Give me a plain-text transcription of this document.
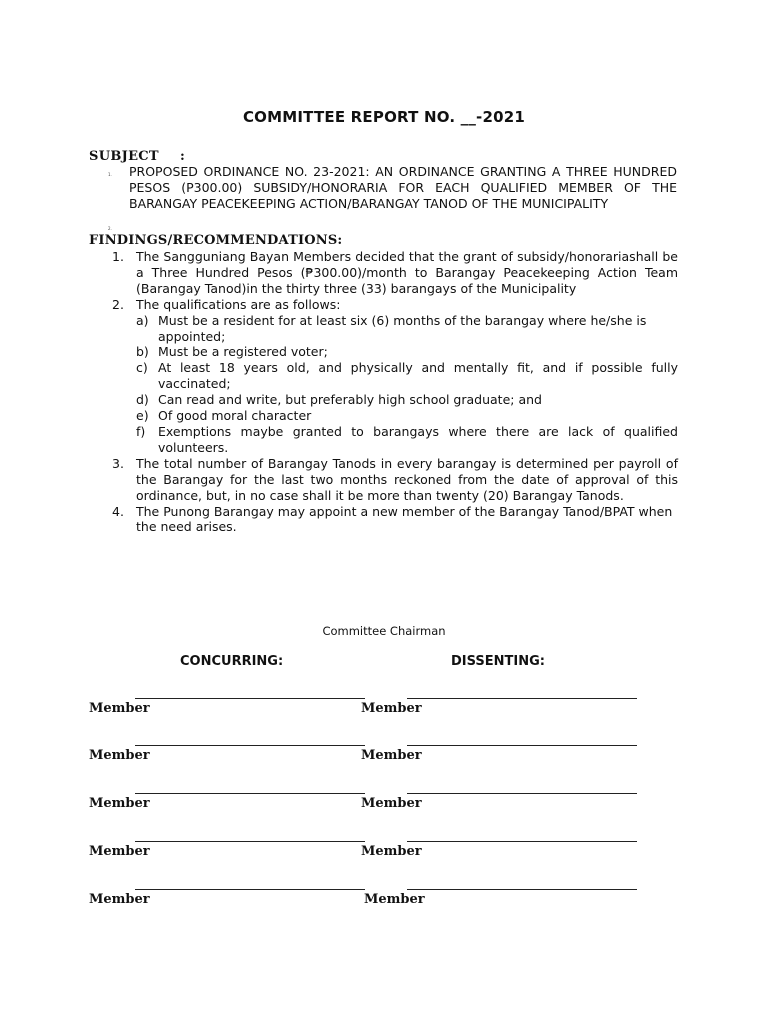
COMMITTEE REPORT NO. __-2021
SUBJECT :
1. PROPOSED ORDINANCE NO. 23-2021: AN ORDINANCE GRANTING A THREE HUNDRED PESOS (P300.00) SUBSIDY/HONORARIA FOR EACH QUALIFIED MEMBER OF THE BARANGAY PEACEKEEPING ACTION/BARANGAY TANOD OF THE MUNICIPALITY
2.
FINDINGS/RECOMMENDATIONS:
1. The Sangguniang Bayan Members decided that the grant of subsidy/honorariashall be a Three Hundred Pesos (₱300.00)/month to Barangay Peacekeeping Action Team (Barangay Tanod)in the thirty three (33) barangays of the Municipality
2. The qualifications are as follows:
a) Must be a resident for at least six (6) months of the barangay where he/she is appointed;
b) Must be a registered voter;
c) At least 18 years old, and physically and mentally fit, and if possible fully vaccinated;
d) Can read and write, but preferably high school graduate; and
e) Of good moral character
f) Exemptions maybe granted to barangays where there are lack of qualified volunteers.
3. The total number of Barangay Tanods in every barangay is determined per payroll of the Barangay for the last two months reckoned from the date of approval of this ordinance, but, in no case shall it be more than twenty (20) Barangay Tanods.
4. The Punong Barangay may appoint a new member of the Barangay Tanod/BPAT when the need arises.
Committee Chairman
CONCURRING:	DISSENTING:
Member	Member
Member	Member
Member	Member
Member	Member
Member	Member
